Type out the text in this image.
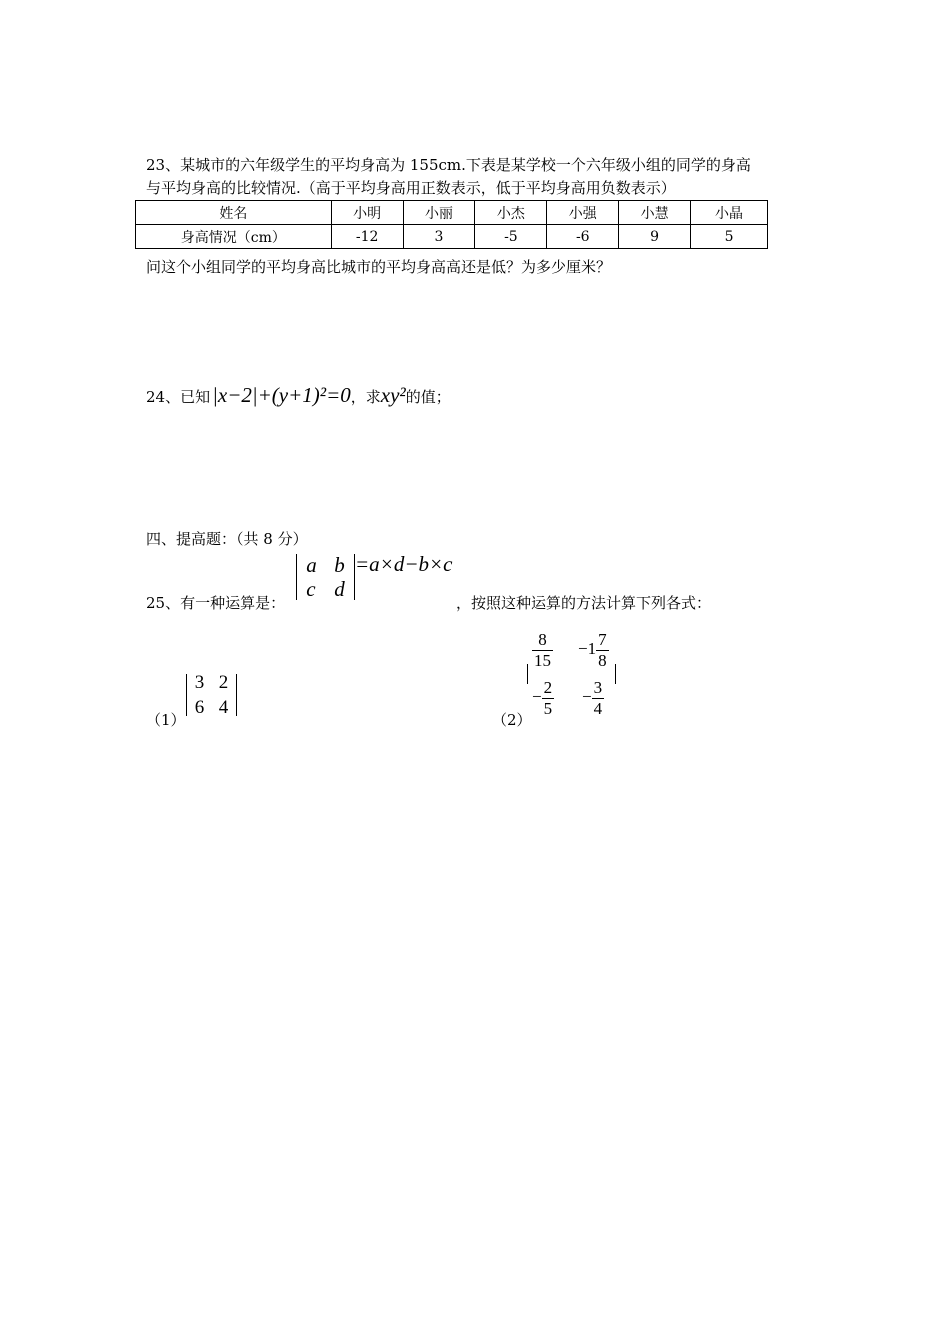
23、某城市的六年级学生的平均身高为 155cm.下表是某学校一个六年级小组的同学的身高
与平均身高的比较情况.（高于平均身高用正数表示，低于平均身高用负数表示）
姓名	小明	小丽	小杰	小强	小慧	小晶
身高情况（cm）	-12	3	-5	-6	9	5
问这个小组同学的平均身高比城市的平均身高高还是低？为多少厘米？
24、已知 |x−2|+(y+1)²=0 ，求 xy² 的值；
四、提高题：（共 8 分）
25、有一种运算是：

a b
c d
=a×d−b×c
，按照这种运算的方法计算下列各式：
（1）

3 2
6 4

（2）
$\frac{8}{15} -1 \frac{7}{8}$
− $\frac{2}{5} - \frac{3}{4}$
